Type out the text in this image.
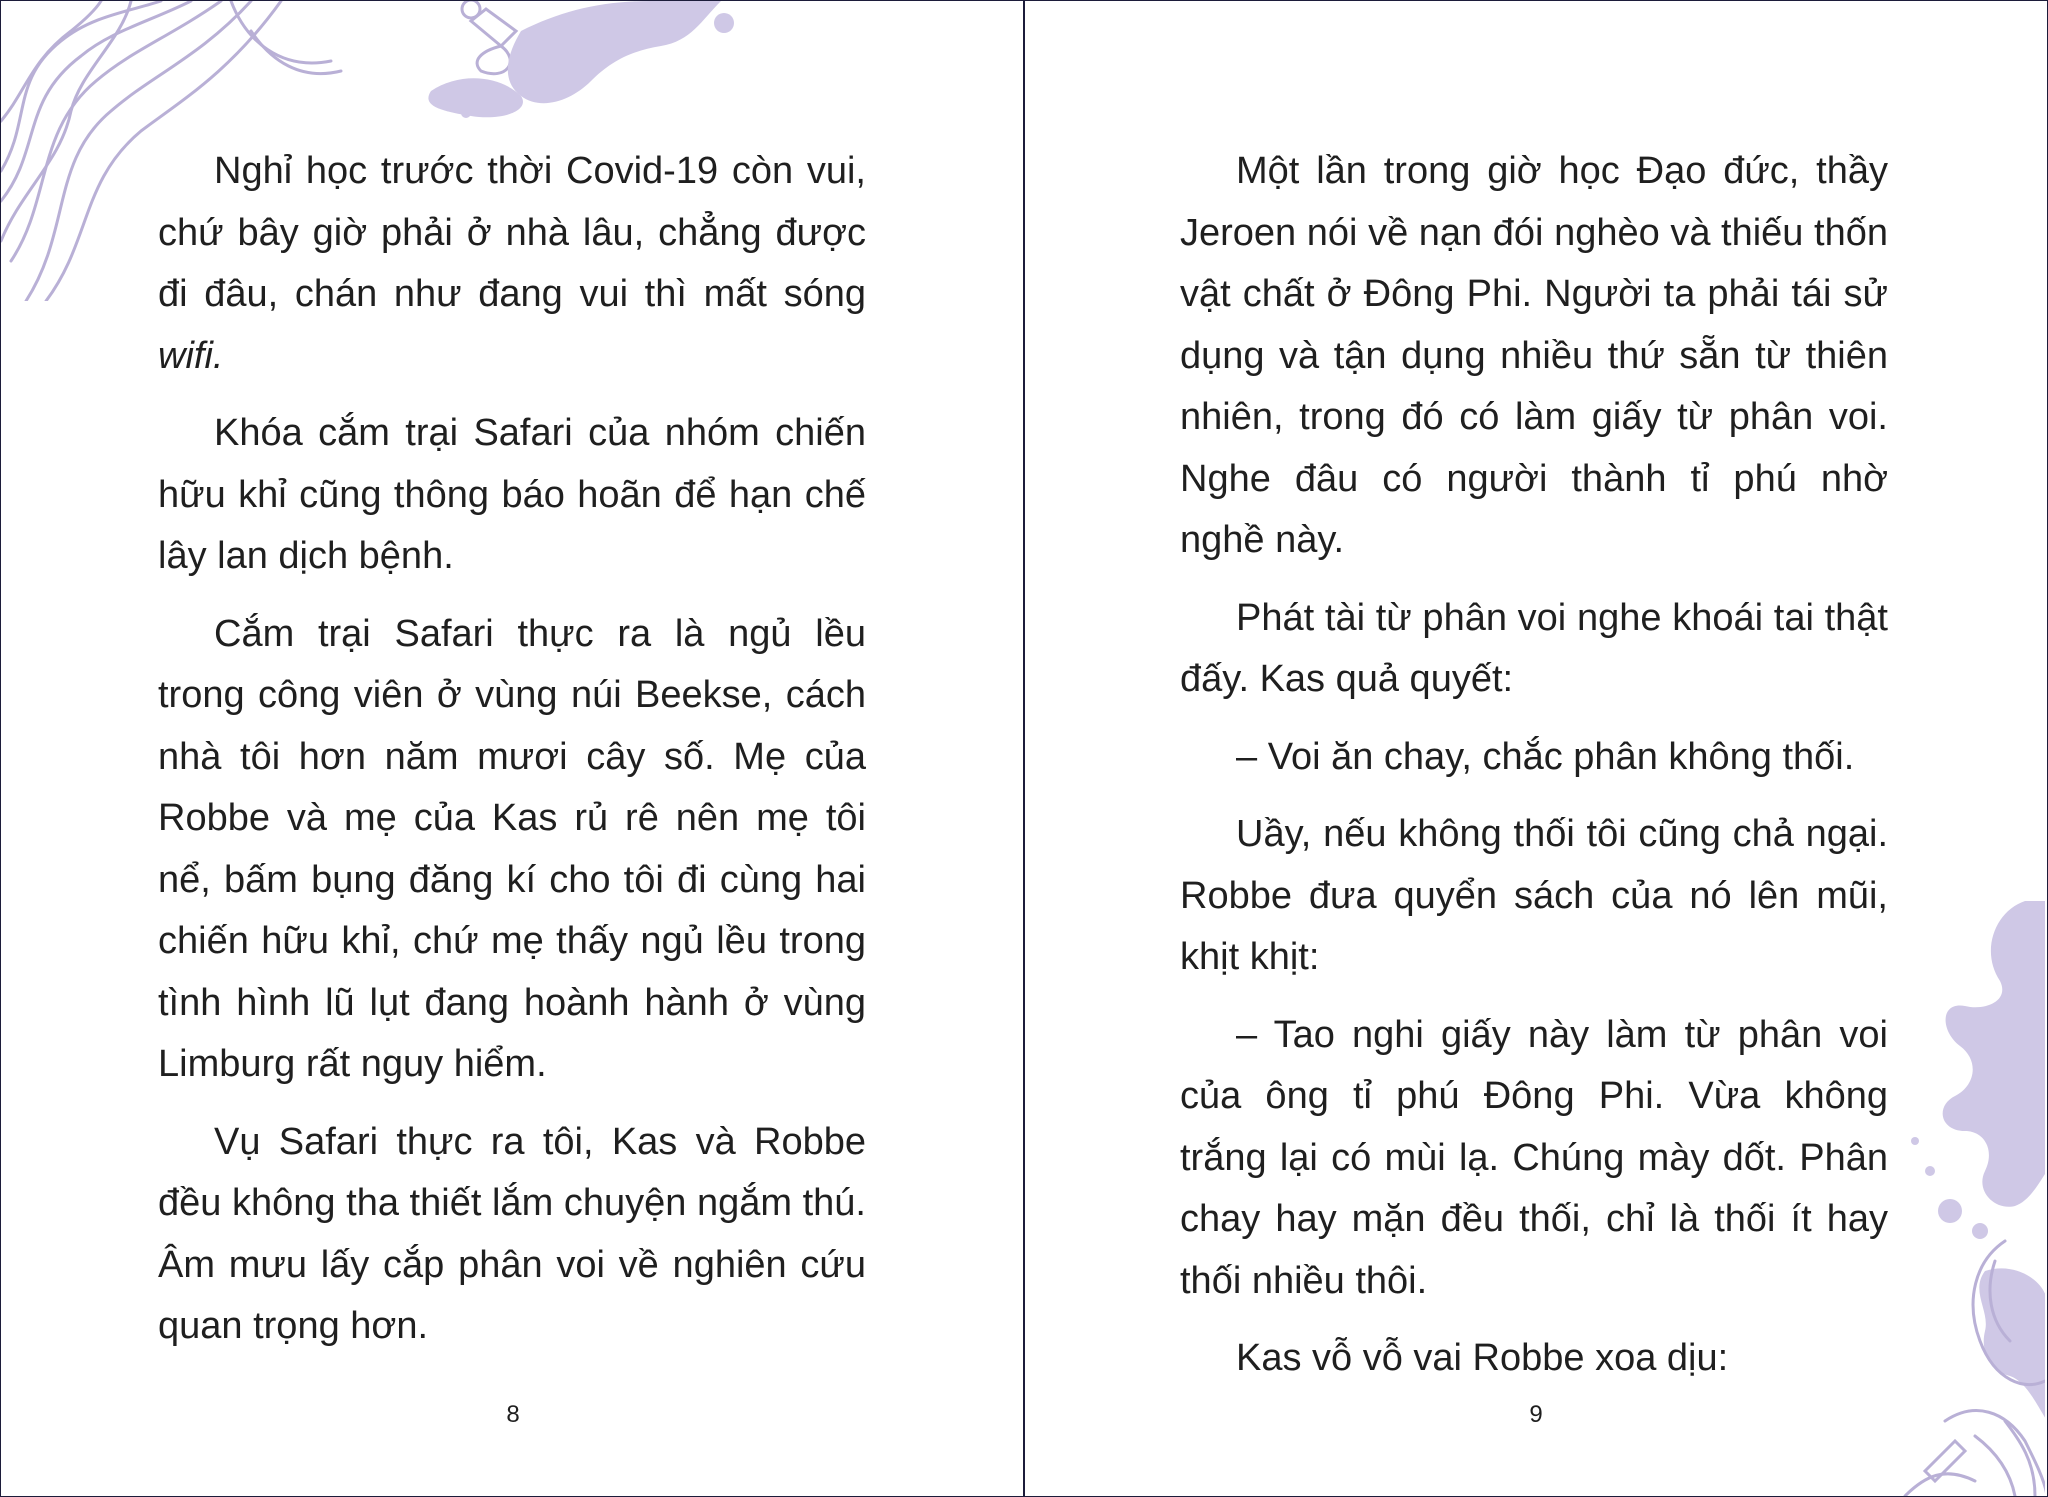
Nghỉ học trước thời Covid-19 còn vui, chứ bây giờ phải ở nhà lâu, chẳng được đi đâu, chán như đang vui thì mất sóng wifi.

Khóa cắm trại Safari của nhóm chiến hữu khỉ cũng thông báo hoãn để hạn chế lây lan dịch bệnh.

Cắm trại Safari thực ra là ngủ lều trong công viên ở vùng núi Beekse, cách nhà tôi hơn năm mươi cây số. Mẹ của Robbe và mẹ của Kas rủ rê nên mẹ tôi nể, bấm bụng đăng kí cho tôi đi cùng hai chiến hữu khỉ, chứ mẹ thấy ngủ lều trong tình hình lũ lụt đang hoành hành ở vùng Limburg rất nguy hiểm.

Vụ Safari thực ra tôi, Kas và Robbe đều không tha thiết lắm chuyện ngắm thú. Âm mưu lấy cắp phân voi về nghiên cứu quan trọng hơn.

8

Một lần trong giờ học Đạo đức, thầy Jeroen nói về nạn đói nghèo và thiếu thốn vật chất ở Đông Phi. Người ta phải tái sử dụng và tận dụng nhiều thứ sẵn từ thiên nhiên, trong đó có làm giấy từ phân voi. Nghe đâu có người thành tỉ phú nhờ nghề này.

Phát tài từ phân voi nghe khoái tai thật đấy. Kas quả quyết:

– Voi ăn chay, chắc phân không thối.

Uầy, nếu không thối tôi cũng chả ngại. Robbe đưa quyển sách của nó lên mũi, khịt khịt:

– Tao nghi giấy này làm từ phân voi của ông tỉ phú Đông Phi. Vừa không trắng lại có mùi lạ. Chúng mày dốt. Phân chay hay mặn đều thối, chỉ là thối ít hay thối nhiều thôi.

Kas vỗ vỗ vai Robbe xoa dịu:

9
